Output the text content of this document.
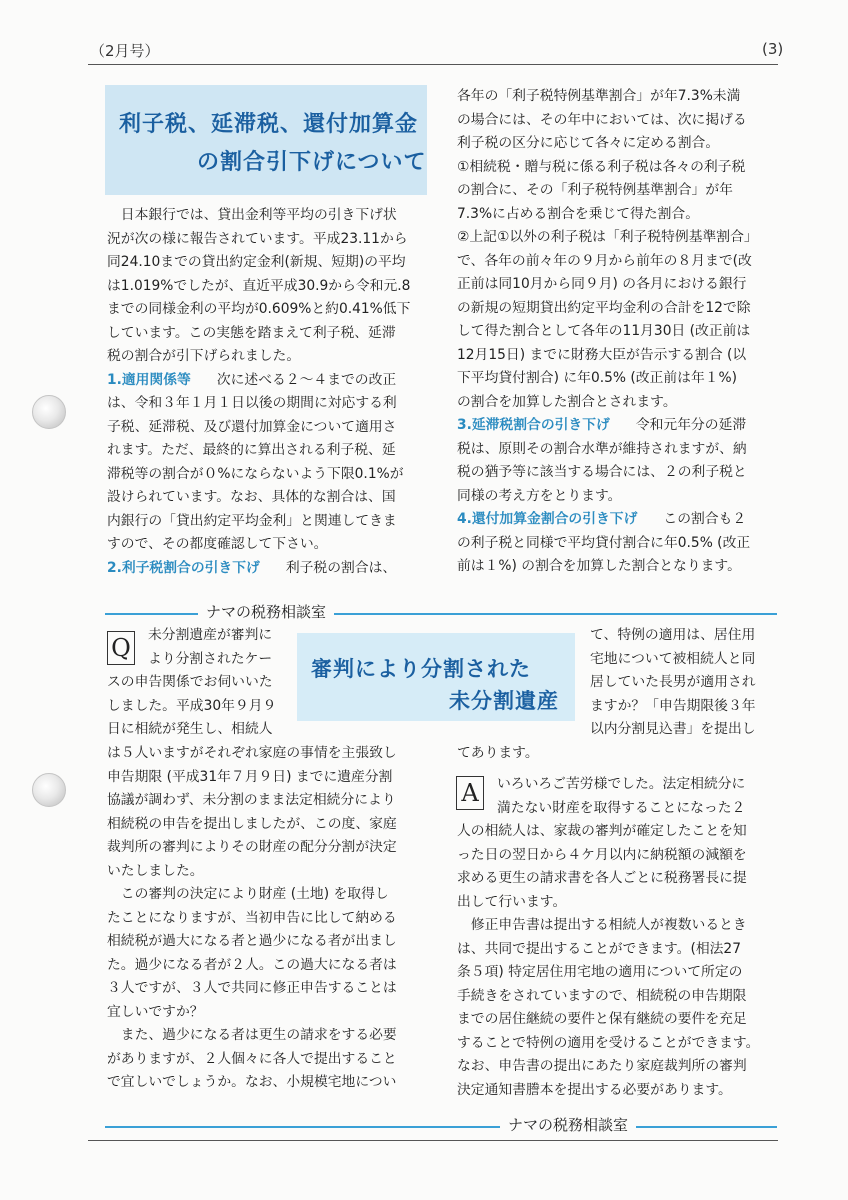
（2月号）	(3)
利子税、延滞税、還付加算金
の割合引下げについて
　日本銀行では、貸出金利等平均の引き下げ状
況が次の様に報告されています。平成23.11から
同24.10までの貸出約定金利(新規、短期)の平均
は1.019%でしたが、直近平成30.9から令和元.8
までの同様金利の平均が0.609%と約0.41%低下
しています。この実態を踏まえて利子税、延滞
税の割合が引下げられました。
1.適用関係等 次に述べる２～４までの改正
は、令和３年１月１日以後の期間に対応する利
子税、延滞税、及び還付加算金について適用さ
れます。ただ、最終的に算出される利子税、延
滞税等の割合が０%にならないよう下限0.1%が
設けられています。なお、具体的な割合は、国
内銀行の「貸出約定平均金利」と関連してきま
すので、その都度確認して下さい。
2.利子税割合の引き下げ 利子税の割合は、
各年の「利子税特例基準割合」が年7.3%未満
の場合には、その年中においては、次に掲げる
利子税の区分に応じて各々に定める割合。
①相続税・贈与税に係る利子税は各々の利子税
の割合に、その「利子税特例基準割合」が年
7.3%に占める割合を乗じて得た割合。
②上記①以外の利子税は「利子税特例基準割合」
で、各年の前々年の９月から前年の８月まで(改
正前は同10月から同９月) の各月における銀行
の新規の短期貸出約定平均金利の合計を12で除
して得た割合として各年の11月30日 (改正前は
12月15日) までに財務大臣が告示する割合 (以
下平均貸付割合) に年0.5% (改正前は年１%)
の割合を加算した割合とされます。
3.延滞税割合の引き下げ 令和元年分の延滞
税は、原則その割合水準が維持されますが、納
税の猶予等に該当する場合には、２の利子税と
同様の考え方をとります。
4.還付加算金割合の引き下げ この割合も２
の利子税と同様で平均貸付割合に年0.5% (改正
前は１%) の割合を加算した割合となります。
ナマの税務相談室
審判により分割された
未分割遺産
Q	未分割遺産が審判に
より分割されたケー
スの申告関係でお伺いいた
しました。平成30年９月９
日に相続が発生し、相続人
は５人いますがそれぞれ家庭の事情を主張致し
申告期限 (平成31年７月９日) までに遺産分割
協議が調わず、未分割のまま法定相続分により
相続税の申告を提出しましたが、この度、家庭
裁判所の審判によりその財産の配分分割が決定
いたしました。
　この審判の決定により財産 (土地) を取得し
たことになりますが、当初申告に比して納める
相続税が過大になる者と過少になる者が出まし
た。過少になる者が２人。この過大になる者は
３人ですが、３人で共同に修正申告することは
宜しいですか？
　また、過少になる者は更生の請求をする必要
がありますが、２人個々に各人で提出すること
で宜しいでしょうか。なお、小規模宅地につい
て、特例の適用は、居住用
宅地について被相続人と同
居していた長男が適用され
ますか？「申告期限後３年
以内分割見込書」を提出し
てあります。
A	いろいろご苦労様でした。法定相続分に
満たない財産を取得することになった２
人の相続人は、家裁の審判が確定したことを知
った日の翌日から４ケ月以内に納税額の減額を
求める更生の請求書を各人ごとに税務署長に提
出して行います。
　修正申告書は提出する相続人が複数いるとき
は、共同で提出することができます。(相法27
条５項) 特定居住用宅地の適用について所定の
手続きをされていますので、相続税の申告期限
までの居住継続の要件と保有継続の要件を充足
することで特例の適用を受けることができます。
なお、申告書の提出にあたり家庭裁判所の審判
決定通知書謄本を提出する必要があります。
ナマの税務相談室
